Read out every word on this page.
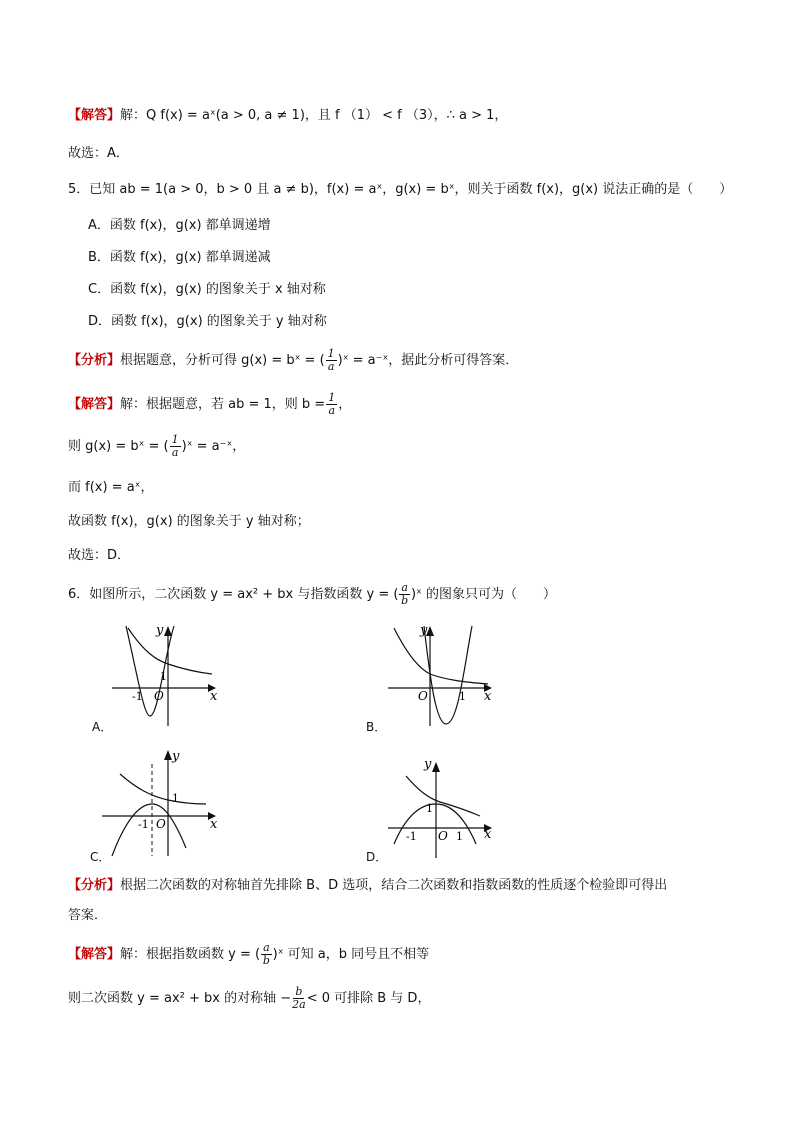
【解答】解：Q f(x) = aˣ(a > 0, a ≠ 1)，且 f （1） < f （3），∴ a > 1，
故选：A．
5．已知 ab = 1(a > 0，b > 0 且 a ≠ b)，f(x) = aˣ，g(x) = bˣ，则关于函数 f(x)，g(x) 说法正确的是（　　）
A．函数 f(x)，g(x) 都单调递增
B．函数 f(x)，g(x) 都单调递减
C．函数 f(x)，g(x) 的图象关于 x 轴对称
D．函数 f(x)，g(x) 的图象关于 y 轴对称
【分析】根据题意，分析可得 g(x) = bˣ = ( $\frac{1}{a}$ )ˣ = a⁻ˣ，据此分析可得答案．
【解答】解：根据题意，若 ab = 1，则 $b = \frac{1}{a}$ ，
则 g(x) = bˣ = ( $\frac{1}{a}$ )ˣ = a⁻ˣ，
而 f(x) = aˣ，
故函数 f(x)，g(x) 的图象关于 y 轴对称；
故选：D．
6．如图所示，二次函数 y = ax² + bx 与指数函数 y = ( $\frac{a}{b}$ )ˣ 的图象只可为（　　）
x
y
O
1
-1
A．
x
y
O	1
B．
x
y
O
1
-1
C．
x
y
O
1
-1	1
D．
【分析】根据二次函数的对称轴首先排除 B、D 选项，结合二次函数和指数函数的性质逐个检验即可得出
答案．
【解答】解：根据指数函数 y = ( $\frac{a}{b}$ )ˣ 可知 a，b 同号且不相等
则二次函数 y = ax² + bx 的对称轴 − $\frac{b}{2a} < 0$ 可排除 B 与 D，
